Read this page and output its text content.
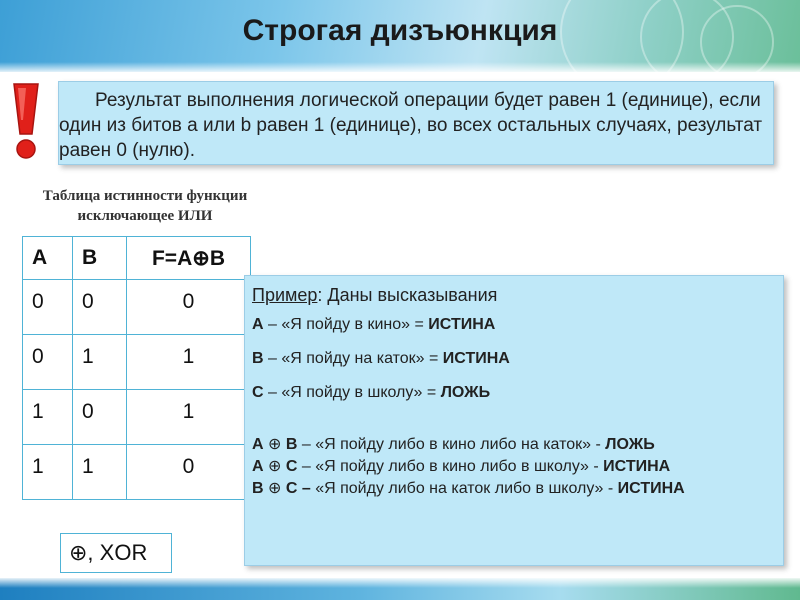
Строгая дизъюнкция

Результат выполнения логической операции будет равен 1 (единице), если один из битов a или b равен 1 (единице), во всех остальных случаях, результат равен 0 (нулю).

Таблица истинности функции
исключающее ИЛИ
A	B	F=A⊕B
0	0	0
0	1	1
1	0	1
1	1	0
⊕, XOR
Пример: Даны высказывания
А – «Я пойду в кино» = ИСТИНА
В – «Я пойду на каток» = ИСТИНА
С – «Я пойду в школу» = ЛОЖЬ
А ⊕ В – «Я пойду либо в кино либо на каток» - ЛОЖЬ
А ⊕ С – «Я пойду либо в кино либо в школу» - ИСТИНА
В ⊕ С – «Я пойду либо на каток либо в школу» - ИСТИНА
